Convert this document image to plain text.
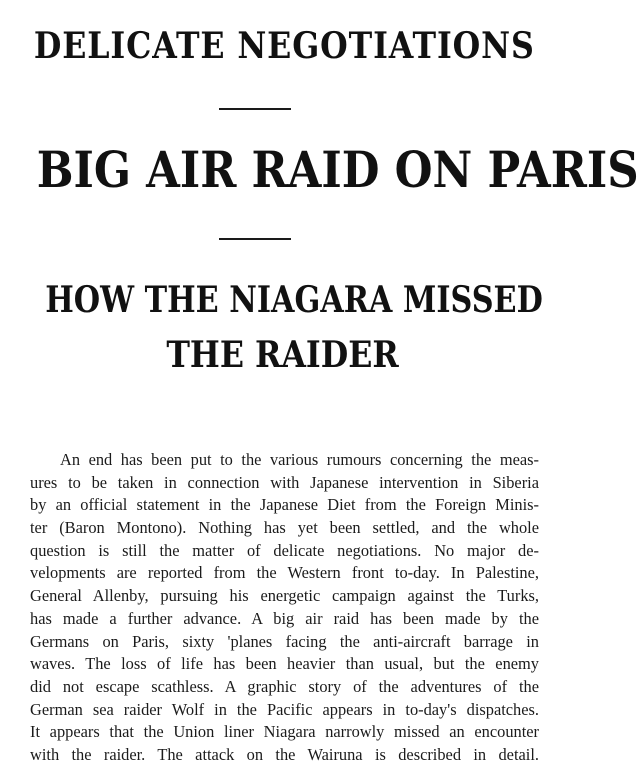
DELICATE NEGOTIATIONS
BIG AIR RAID ON PARIS
HOW THE NIAGARA MISSED
THE RAIDER
An end has been put to the various rumours concerning the meas-
ures to be taken in connection with Japanese intervention in Siberia
by an official statement in the Japanese Diet from the Foreign Minis-
ter (Baron Montono). Nothing has yet been settled, and the whole
question is still the matter of delicate negotiations. No major de-
velopments are reported from the Western front to-day. In Palestine,
General Allenby, pursuing his energetic campaign against the Turks,
has made a further advance. A big air raid has been made by the
Germans on Paris, sixty 'planes facing the anti-aircraft barrage in
waves. The loss of life has been heavier than usual, but the enemy
did not escape scathless. A graphic story of the adventures of the
German sea raider Wolf in the Pacific appears in to-day's dispatches.
It appears that the Union liner Niagara narrowly missed an encounter
with the raider. The attack on the Wairuna is described in detail.
